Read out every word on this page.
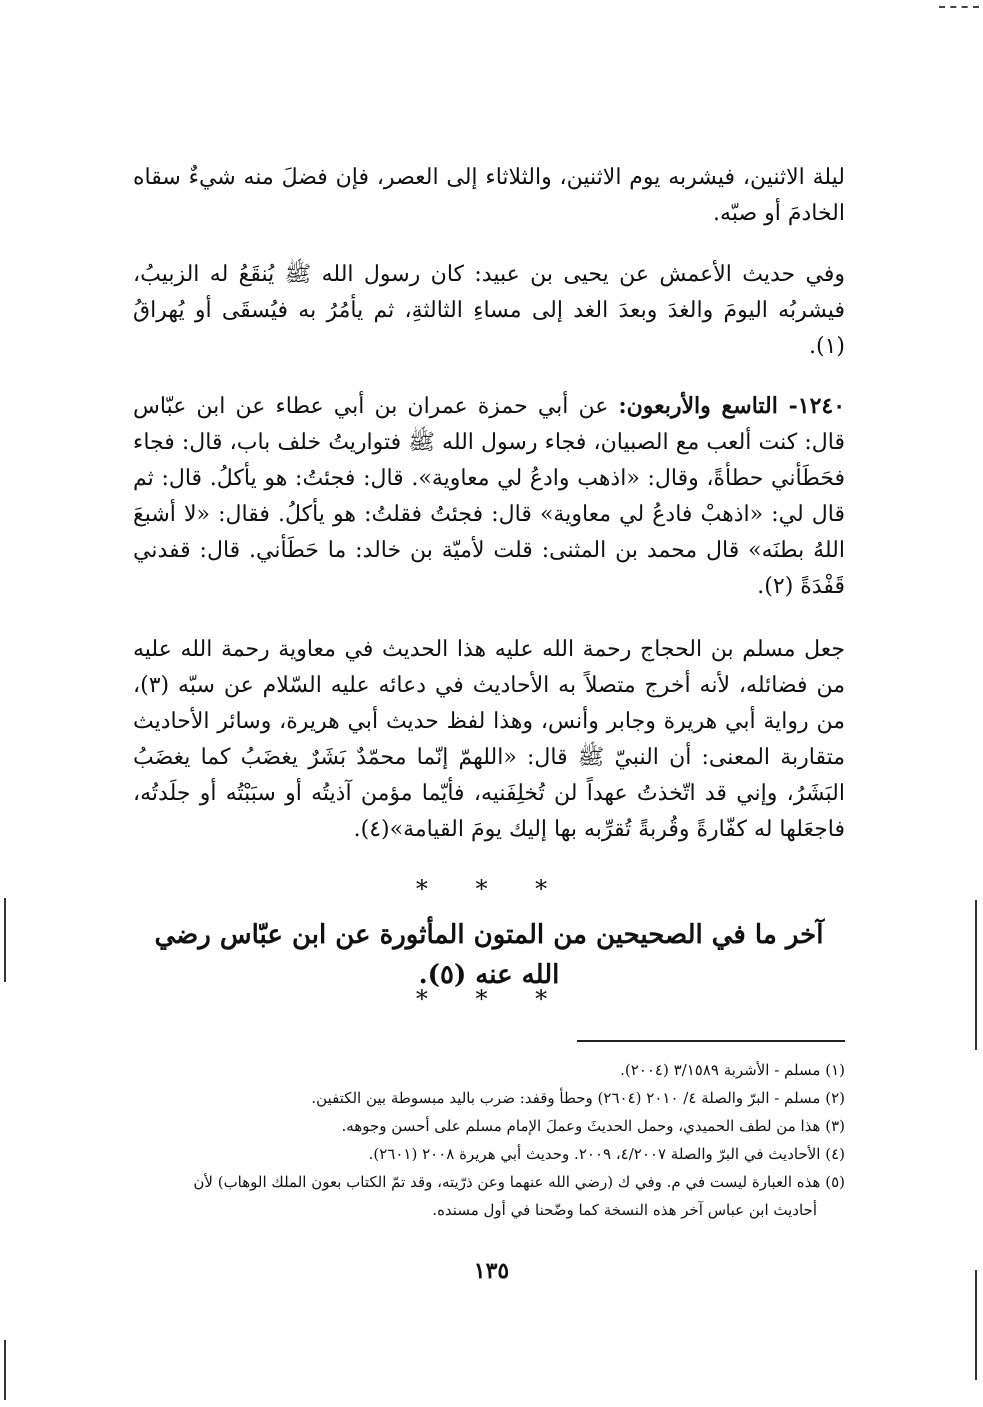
ليلة الاثنين، فيشربه يوم الاثنين، والثلاثاء إلى العصر، فإن فضلَ منه شيءٌ سقاه الخادمَ أو صبّه.

وفي حديث الأعمش عن يحيى بن عبيد: كان رسول الله ﷺ يُنقَعُ له الزبيبُ، فيشربُه اليومَ والغدَ وبعدَ الغد إلى مساءِ الثالثةِ، ثم يأمُرُ به فيُسقَى أو يُهراقُ (١).

١٢٤٠- التاسع والأربعون: عن أبي حمزة عمران بن أبي عطاء عن ابن عبّاس قال: كنت ألعب مع الصبيان، فجاء رسول الله ﷺ فتواريتُ خلف باب، قال: فجاء فحَطَأني حطأةً، وقال: «اذهب وادعُ لي معاوية». قال: فجئتُ: هو يأكلُ. قال: ثم قال لي: «اذهبْ فادعُ لي معاوية» قال: فجئتُ فقلتُ: هو يأكلُ. فقال: «لا أشبعَ اللهُ بطنَه» قال محمد بن المثنى: قلت لأميّة بن خالد: ما حَطَأني. قال: قفدني قَفْدَةً (٢).

جعل مسلم بن الحجاج رحمة الله عليه هذا الحديث في معاوية رحمة الله عليه من فضائله، لأنه أخرج متصلاً به الأحاديث في دعائه عليه السّلام عن سبّه (٣)، من رواية أبي هريرة وجابر وأنس، وهذا لفظ حديث أبي هريرة، وسائر الأحاديث متقاربة المعنى: أن النبيّ ﷺ قال: «اللهمّ إنّما محمّدٌ بَشَرٌ يغضَبُ كما يغضَبُ البَشَرُ، وإني قد اتّخذتُ عهداً لن تُخلِفَنيه، فأيّما مؤمن آذيتُه أو سبَبْتُه أو جلَدتُه، فاجعَلها له كفّارةً وقُربةً تُقرِّبه بها إليك يومَ القيامة»(٤).

* * *
آخر ما في الصحيحين من المتون المأثورة عن ابن عبّاس رضي الله عنه (٥).
* * *

(١) مسلم - الأشربة ٣/١٥٨٩ (٢٠٠٤).

(٢) مسلم - البرّ والصلة ٤/ ٢٠١٠ (٢٦٠٤) وحطأ وقفد: ضرب باليد مبسوطة بين الكتفين.

(٣) هذا من لطف الحميدي، وحمل الحديثَ وعملَ الإمام مسلم على أحسن وجوهه.

(٤) الأحاديث في البرّ والصلة ٤/٢٠٠٧، ٢٠٠٩. وحديث أبي هريرة ٢٠٠٨ (٢٦٠١).

(٥) هذه العبارة ليست في م. وفي ك (رضي الله عنهما وعن ذرّيته، وقد تمّ الكتاب بعون الملك الوهاب) لأن

أحاديث ابن عباس آخر هذه النسخة كما وضّحنا في أول مسنده.

١٣٥
